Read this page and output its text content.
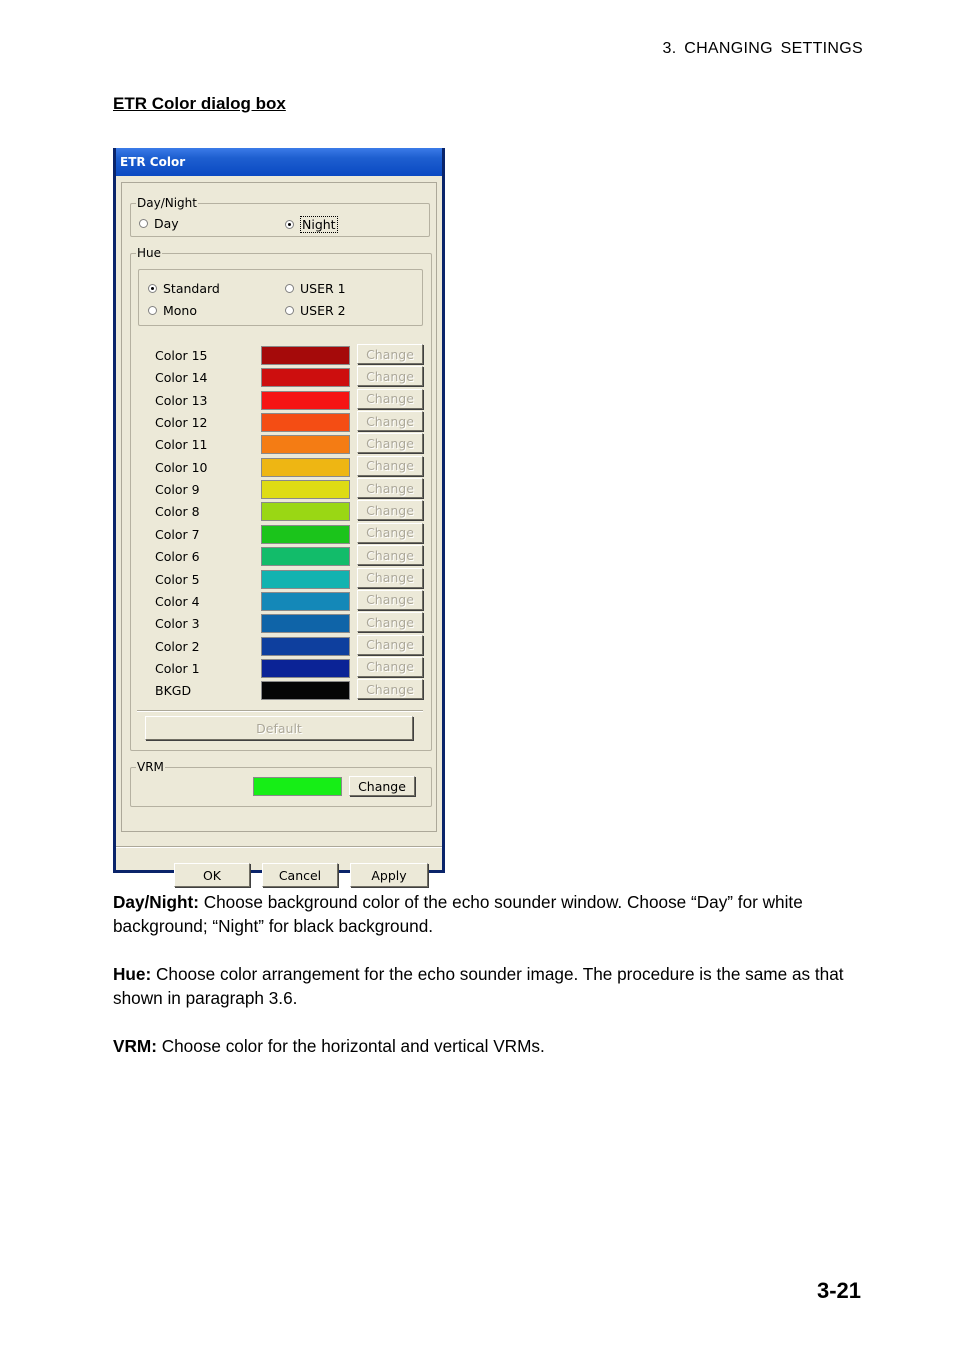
3. CHANGING SETTINGS
ETR Color dialog box
ETR Color
Day/Night
Day	Night
Hue
Standard	USER 1
Mono	USER 2
Color 15	Change
Color 14	Change
Color 13	Change
Color 12	Change
Color 11	Change
Color 10	Change
Color 9	Change
Color 8	Change
Color 7	Change
Color 6	Change
Color 5	Change
Color 4	Change
Color 3	Change
Color 2	Change
Color 1	Change
BKGD	Change
Default
VRM
Change
OK	Cancel	Apply
Day/Night: Choose background color of the echo sounder window. Choose “Day” for white background; “Night” for black background.
Hue: Choose color arrangement for the echo sounder image. The procedure is the same as that shown in paragraph 3.6.
VRM: Choose color for the horizontal and vertical VRMs.
3-21
